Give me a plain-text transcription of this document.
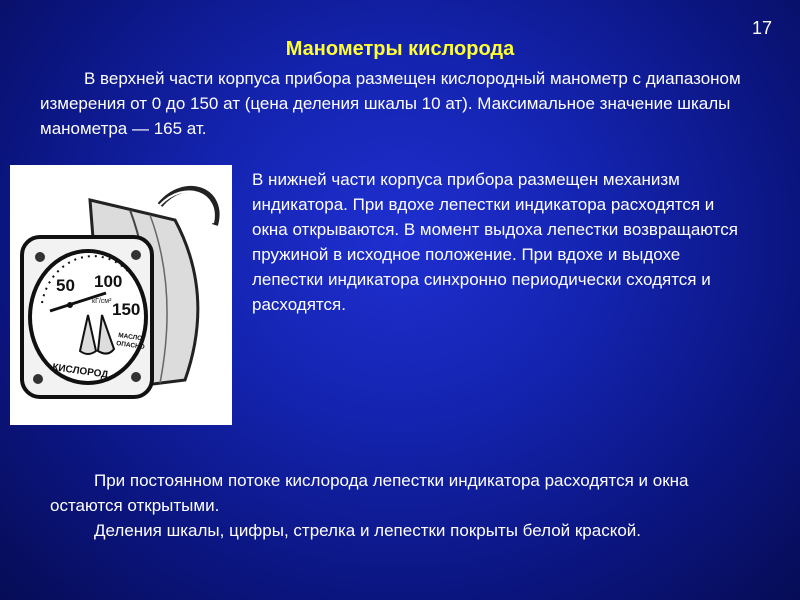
17
Манометры кислорода

В верхней части корпуса прибора размещен кислородный манометр с диапазоном измерения от 0 до 150 ат (цена деления шкалы 10 ат). Максимальное значение шкалы манометра — 165 ат.

50 100
150
кГ/см²
МАСЛО
ОПАСНО
КИСЛОРОД

В нижней части корпуса прибора размещен механизм индикатора. При вдохе лепестки индикатора расходятся и окна открываются. В момент выдоха лепестки возвращаются пружиной в исходное положение. При вдохе и выдохе лепестки индикатора синхронно периодически сходятся и расходятся.

При постоянном потоке кислорода лепестки индикатора расходятся и окна остаются открытыми.
Деления шкалы, цифры, стрелка и лепестки покрыты белой краской.
